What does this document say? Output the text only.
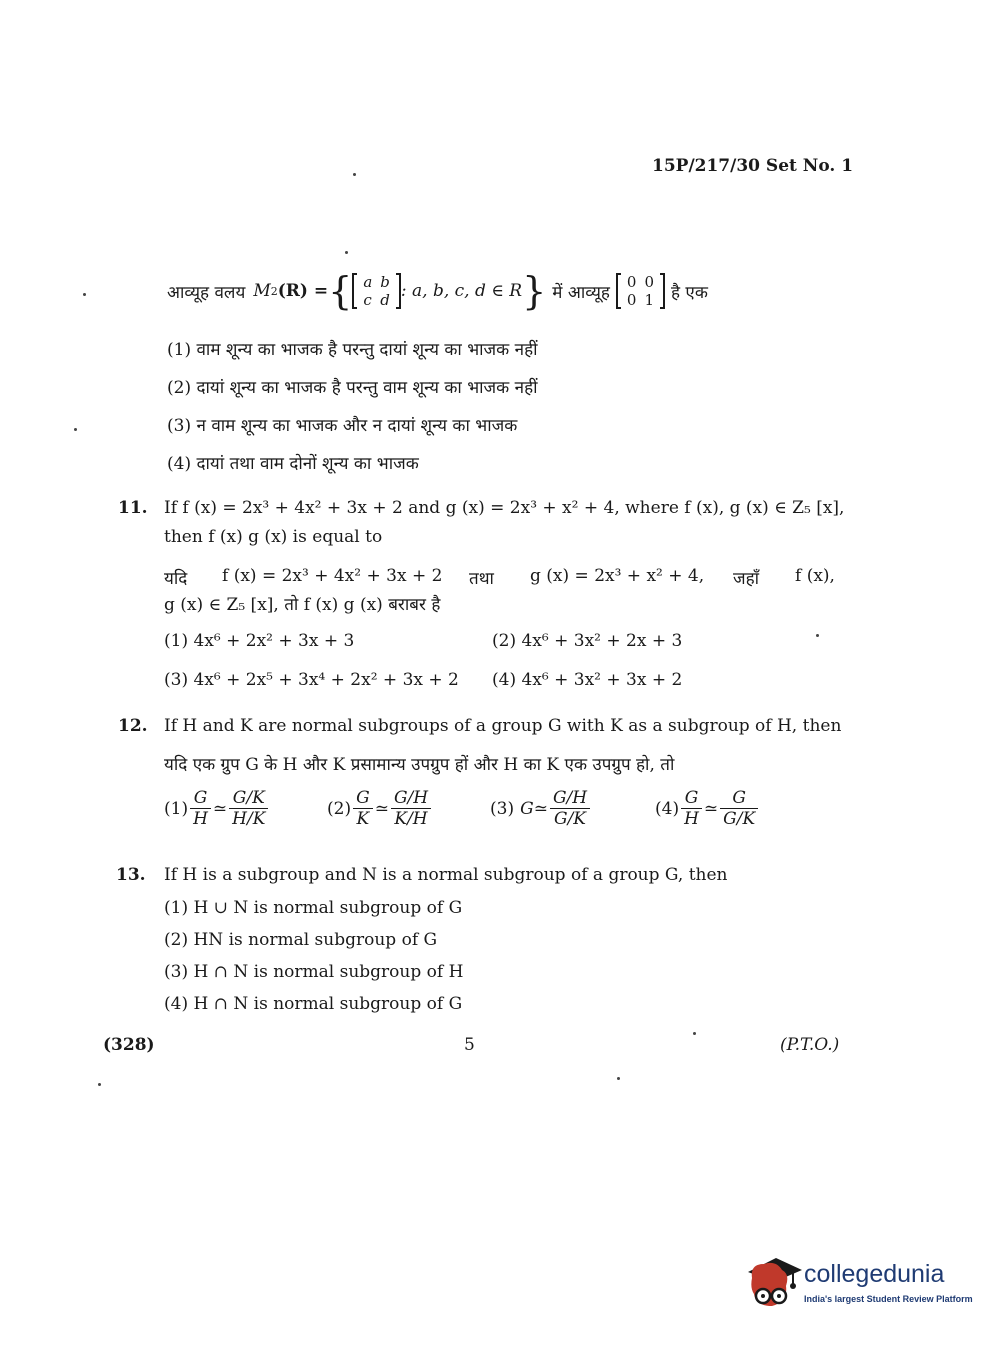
15P/217/30 Set No. 1
आव्यूह वलय M 2 (R) = { a	b
c	d : a, b, c, d ∈ R } में आव्यूह
0	0
0	1 है एक
(1) वाम शून्य का भाजक है परन्तु दायां शून्य का भाजक नहीं
(2) दायां शून्य का भाजक है परन्तु वाम शून्य का भाजक नहीं
(3) न वाम शून्य का भाजक और न दायां शून्य का भाजक
(4) दायां तथा वाम दोनों शून्य का भाजक
11. If f (x) = 2x³ + 4x² + 3x + 2 and g (x) = 2x³ + x² + 4, where f (x), g (x) ∈ Z₅ [x],
then f (x) g (x) is equal to
यदि f (x) = 2x³ + 4x² + 3x + 2 तथा g (x) = 2x³ + x² + 4, जहाँ f (x),
g (x) ∈ Z₅ [x], तो f (x) g (x) बराबर है
(1) 4x⁶ + 2x² + 3x + 3	(2) 4x⁶ + 3x² + 2x + 3
(3) 4x⁶ + 2x⁵ + 3x⁴ + 2x² + 3x + 2 (4) 4x⁶ + 3x² + 3x + 2
12. If H and K are normal subgroups of a group G with K as a subgroup of H, then
यदि एक ग्रुप G के H और K प्रसामान्य उपग्रुप हों और H का K एक उपग्रुप हो, तो
$(1) \frac{G}{H}$ ≃ $\frac{G/K}{H/K}$	$(2) \frac{G}{K}$ ≃ $\frac{G/H}{K/H}$	(3) G ≃ $\frac{G/H}{G/K}$	$(4) \frac{G}{H}$ ≃ $\frac{G}{G/K}$
13. If H is a subgroup and N is a normal subgroup of a group G, then
(1) H ∪ N is normal subgroup of G
(2) HN is normal subgroup of G
(3) H ∩ N is normal subgroup of H
(4) H ∩ N is normal subgroup of G
(328)	5	(P.T.O.)
collegedunia
India's largest Student Review Platform
